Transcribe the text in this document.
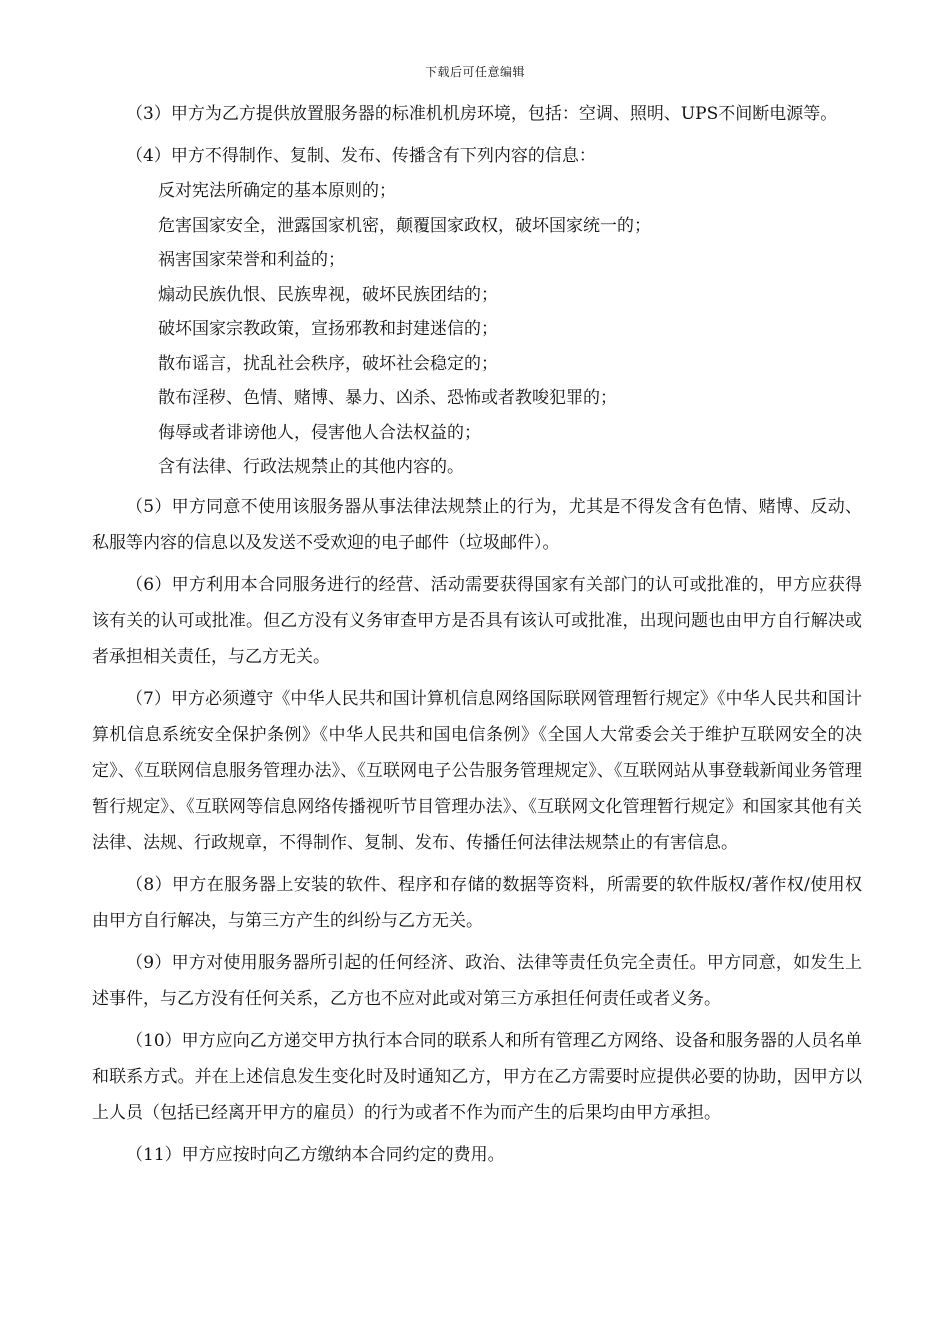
下载后可任意编辑

（3）甲方为乙方提供放置服务器的标准机机房环境，包括：空调、照明、UPS不间断电源等。

（4）甲方不得制作、复制、发布、传播含有下列内容的信息：

反对宪法所确定的基本原则的；
危害国家安全，泄露国家机密，颠覆国家政权，破坏国家统一的；
祸害国家荣誉和利益的；
煽动民族仇恨、民族卑视，破坏民族团结的；
破坏国家宗教政策，宣扬邪教和封建迷信的；
散布谣言，扰乱社会秩序，破坏社会稳定的；
散布淫秽、色情、赌博、暴力、凶杀、恐怖或者教唆犯罪的；
侮辱或者诽谤他人，侵害他人合法权益的；
含有法律、行政法规禁止的其他内容的。

（5）甲方同意不使用该服务器从事法律法规禁止的行为，尤其是不得发含有色情、赌博、反动、私服等内容的信息以及发送不受欢迎的电子邮件（垃圾邮件）。

（6）甲方利用本合同服务进行的经营、活动需要获得国家有关部门的认可或批准的，甲方应获得该有关的认可或批准。但乙方没有义务审查甲方是否具有该认可或批准，出现问题也由甲方自行解决或者承担相关责任，与乙方无关。

（7）甲方必须遵守《中华人民共和国计算机信息网络国际联网管理暂行规定》《中华人民共和国计算机信息系统安全保护条例》《中华人民共和国电信条例》《全国人大常委会关于维护互联网安全的决定》、《互联网信息服务管理办法》、《互联网电子公告服务管理规定》、《互联网站从事登载新闻业务管理暂行规定》、《互联网等信息网络传播视听节目管理办法》、《互联网文化管理暂行规定》和国家其他有关法律、法规、行政规章，不得制作、复制、发布、传播任何法律法规禁止的有害信息。

（8）甲方在服务器上安装的软件、程序和存储的数据等资料，所需要的软件版权/著作权/使用权由甲方自行解决，与第三方产生的纠纷与乙方无关。

（9）甲方对使用服务器所引起的任何经济、政治、法律等责任负完全责任。甲方同意，如发生上述事件，与乙方没有任何关系，乙方也不应对此或对第三方承担任何责任或者义务。

（10）甲方应向乙方递交甲方执行本合同的联系人和所有管理乙方网络、设备和服务器的人员名单和联系方式。并在上述信息发生变化时及时通知乙方，甲方在乙方需要时应提供必要的协助，因甲方以上人员（包括已经离开甲方的雇员）的行为或者不作为而产生的后果均由甲方承担。

（11）甲方应按时向乙方缴纳本合同约定的费用。
